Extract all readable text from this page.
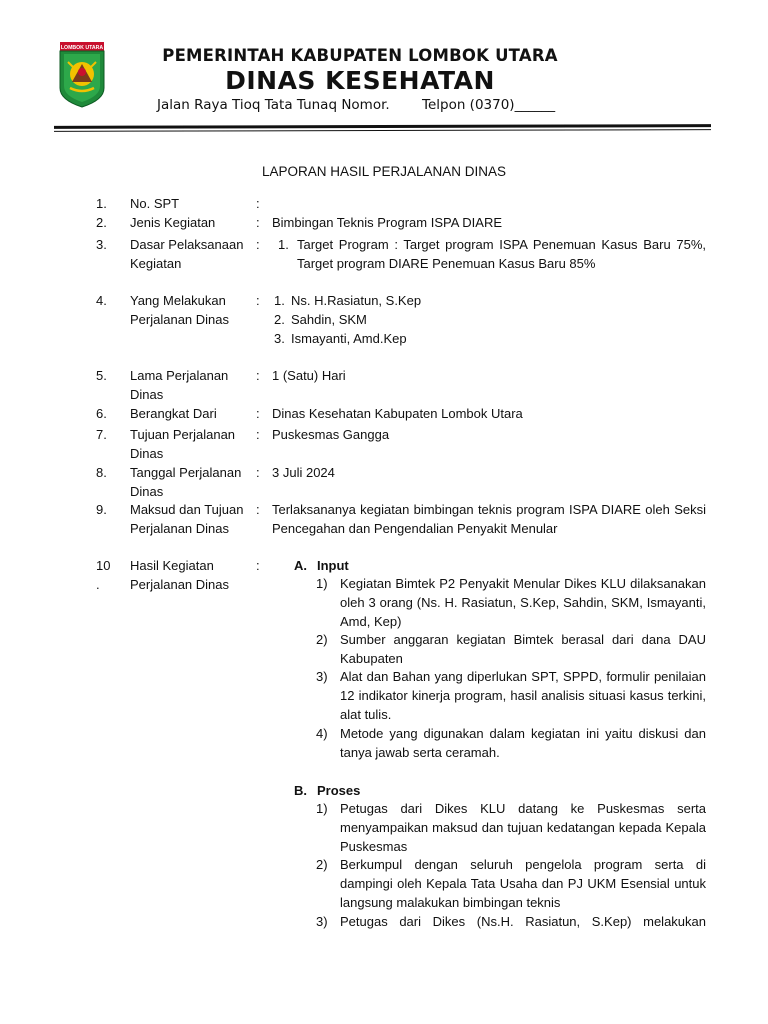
LOMBOK UTARA	PEMERINTAH KABUPATEN LOMBOK UTARA
DINAS KESEHATAN
Jalan Raya Tioq Tata Tunaq Nomor. Telpon (0370)______
LAPORAN HASIL PERJALANAN DINAS
1.	No. SPT	:
2.	Jenis Kegiatan	: Bimbingan Teknis Program ISPA DIARE
3.	Dasar Pelaksanaan Kegiatan
: 1. Target Program : Target program ISPA Penemuan Kasus Baru 75%, Target program DIARE Penemuan Kasus Baru 85%
4.	Yang Melakukan Perjalanan Dinas
: 1. Ns. H.Rasiatun, S.Kep
2. Sahdin, SKM
3. Ismayanti, Amd.Kep
5.	Lama Perjalanan Dinas
: 1 (Satu) Hari
6.	Berangkat Dari	: Dinas Kesehatan Kabupaten Lombok Utara
7.	Tujuan Perjalanan Dinas
: Puskesmas Gangga
8.	Tanggal Perjalanan Dinas
: 3 Juli 2024
9.	Maksud dan Tujuan Perjalanan Dinas
: Terlaksananya kegiatan bimbingan teknis program ISPA DIARE oleh Seksi Pencegahan dan Pengendalian Penyakit Menular
10 .
Hasil Kegiatan Perjalanan Dinas
:	A. Input
1) Kegiatan Bimtek P2 Penyakit Menular Dikes KLU dilaksanakan oleh 3 orang (Ns. H. Rasiatun, S.Kep, Sahdin, SKM, Ismayanti, Amd, Kep)
2) Sumber anggaran kegiatan Bimtek berasal dari dana DAU Kabupaten
3) Alat dan Bahan yang diperlukan SPT, SPPD, formulir penilaian 12 indikator kinerja program, hasil analisis situasi kasus terkini, alat tulis.
4) Metode yang digunakan dalam kegiatan ini yaitu diskusi dan tanya jawab serta ceramah.
B. Proses
1) Petugas dari Dikes KLU datang ke Puskesmas serta menyampaikan maksud dan tujuan kedatangan kepada Kepala Puskesmas
2) Berkumpul dengan seluruh pengelola program serta di dampingi oleh Kepala Tata Usaha dan PJ UKM Esensial untuk langsung malakukan bimbingan teknis
3) Petugas dari Dikes (Ns.H. Rasiatun, S.Kep) melakukan
